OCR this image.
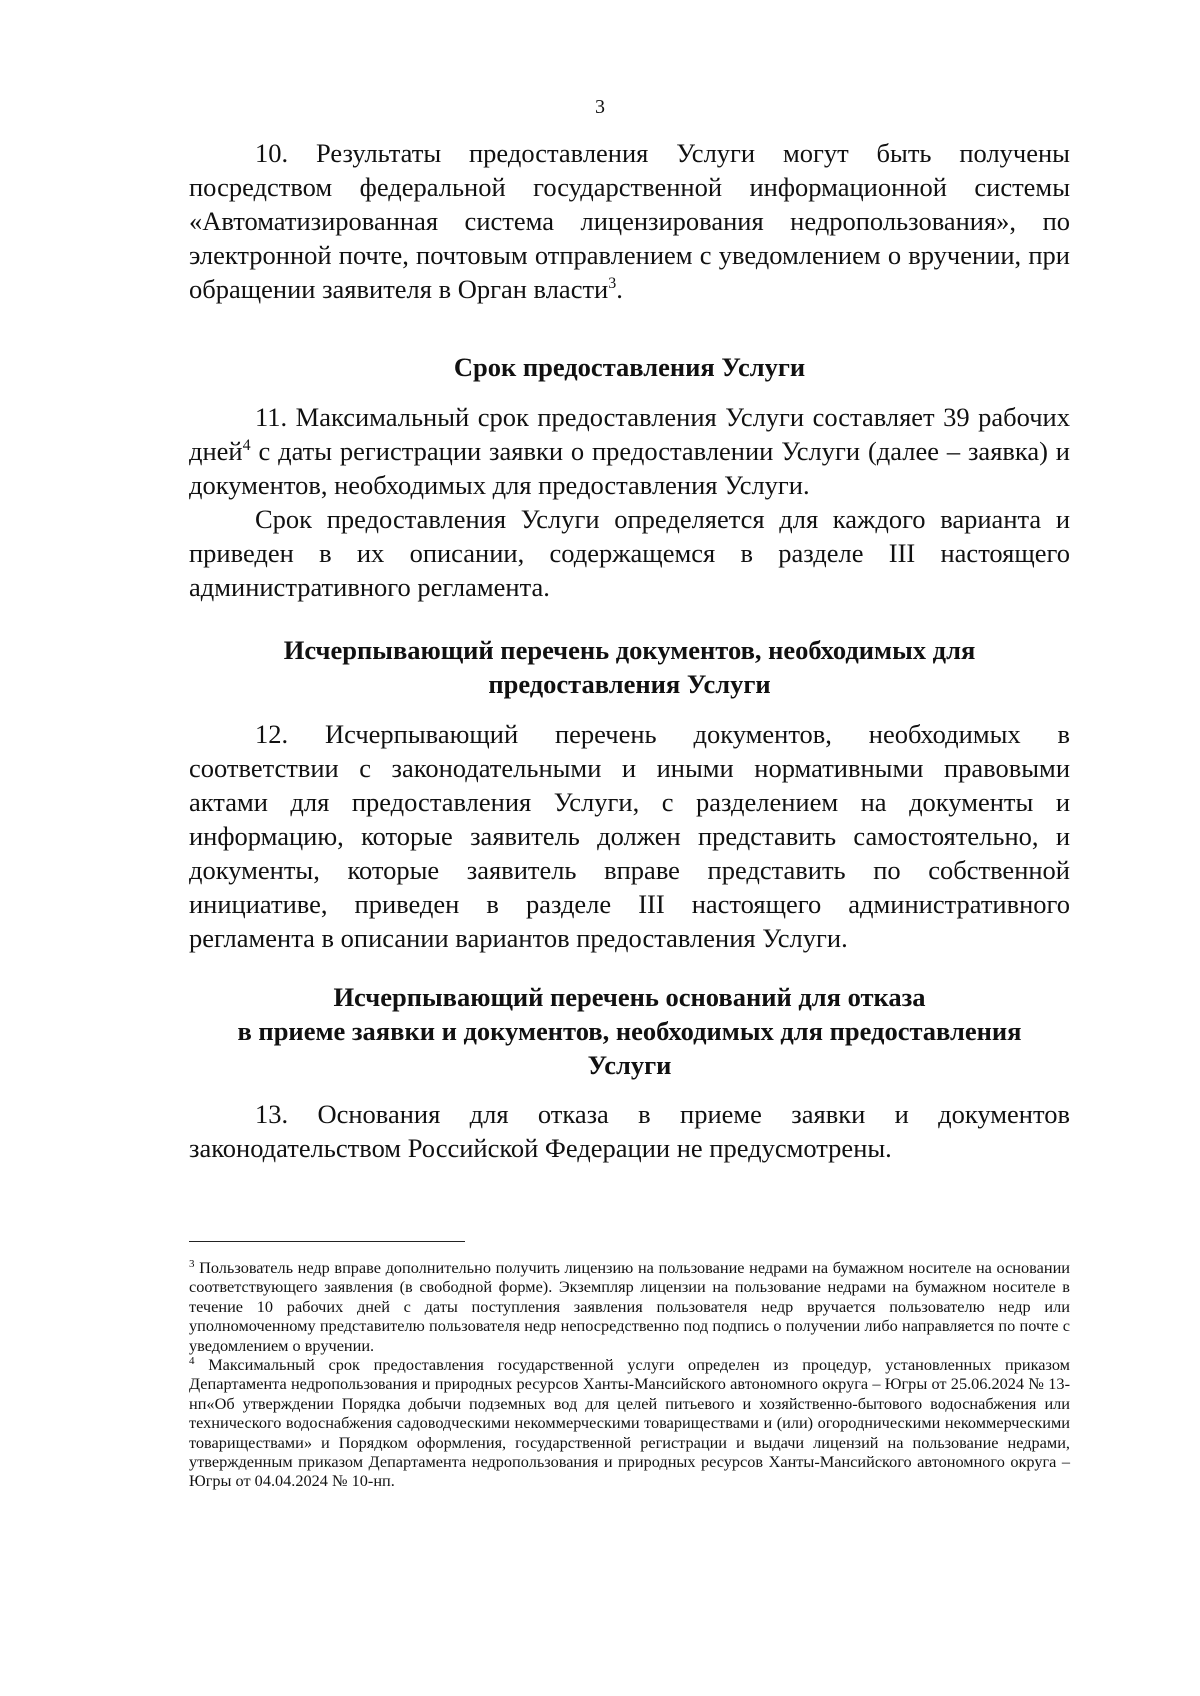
3

10. Результаты предоставления Услуги могут быть получены посредством федеральной государственной информационной системы «Автоматизированная система лицензирования недропользования», по электронной почте, почтовым отправлением с уведомлением о вручении, при обращении заявителя в Орган власти$^3$.

Срок предоставления Услуги

11. Максимальный срок предоставления Услуги составляет 39 рабочих дней$^4$ с даты регистрации заявки о предоставлении Услуги (далее – заявка) и документов, необходимых для предоставления Услуги.

Срок предоставления Услуги определяется для каждого варианта и приведен в их описании, содержащемся в разделе III настоящего административного регламента.

Исчерпывающий перечень документов, необходимых для
предоставления Услуги

12. Исчерпывающий перечень документов, необходимых в соответствии с законодательными и иными нормативными правовыми актами для предоставления Услуги, с разделением на документы и информацию, которые заявитель должен представить самостоятельно, и документы, которые заявитель вправе представить по собственной инициативе, приведен в разделе III настоящего административного регламента в описании вариантов предоставления Услуги.

Исчерпывающий перечень оснований для отказа
в приеме заявки и документов, необходимых для предоставления
Услуги

13. Основания для отказа в приеме заявки и документов законодательством Российской Федерации не предусмотрены.

$^3$ Пользователь недр вправе дополнительно получить лицензию на пользование недрами на бумажном носителе на основании соответствующего заявления (в свободной форме). Экземпляр лицензии на пользование недрами на бумажном носителе в течение 10 рабочих дней с даты поступления заявления пользователя недр вручается пользователю недр или уполномоченному представителю пользователя недр непосредственно под подпись о получении либо направляется по почте с уведомлением о вручении.

$^4$ Максимальный срок предоставления государственной услуги определен из процедур, установленных приказом Департамента недропользования и природных ресурсов Ханты-Мансийского автономного округа – Югры от 25.06.2024 № 13-нп«Об утверждении Порядка добычи подземных вод для целей питьевого и хозяйственно-бытового водоснабжения или технического водоснабжения садоводческими некоммерческими товариществами и (или) огородническими некоммерческими товариществами» и Порядком оформления, государственной регистрации и выдачи лицензий на пользование недрами, утвержденным приказом Департамента недропользования и природных ресурсов Ханты-Мансийского автономного округа – Югры от 04.04.2024 № 10-нп.
